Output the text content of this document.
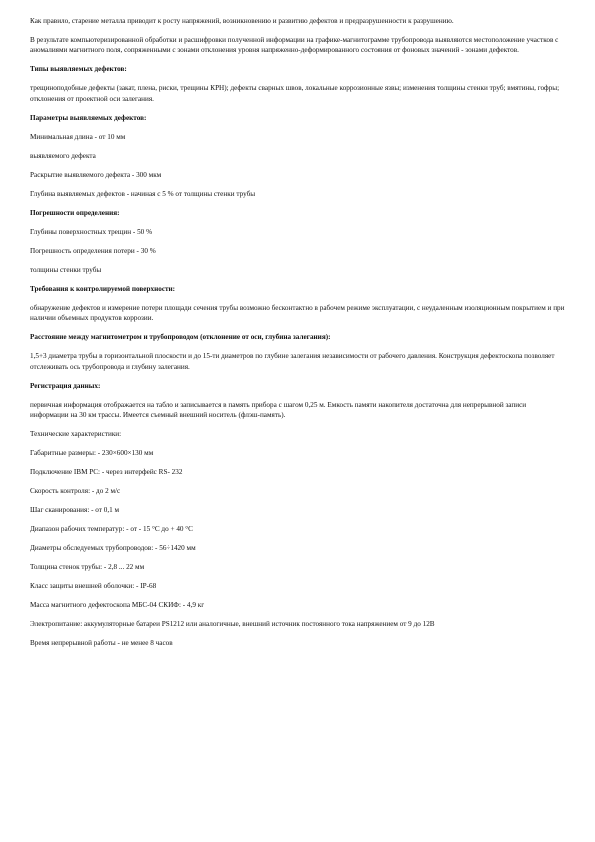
Как правило, старение металла приводит к росту напряжений, возникновению и развитию дефектов и предразрушенности к разрушению.

В результате компьютеризированной обработки и расшифровки полученной информации на графике-магнитограмме трубопровода выявляются местоположение участков с аномалиями магнитного поля, сопряженными с зонами отклонения уровня напряженно-деформированного состояния от фоновых значений - зонами дефектов.

Типы выявляемых дефектов:

трещиноподобные дефекты (закат, плена, риски, трещины КРН); дефекты сварных швов, локальные коррозионные язвы; изменения толщины стенки труб; вмятины, гофры; отклонения от проектной оси залегания.

Параметры выявляемых дефектов:

Минимальная длина - от 10 мм

выявляемого дефекта

Раскрытие выявляемого дефекта - 300 мкм

Глубина выявляемых дефектов - начиная с 5 % от толщины стенки трубы

Погрешности определения:

Глубины поверхностных трещин - 50 %

Погрешность определения потери - 30 %

толщины стенки трубы

Требования к контролируемой поверхности:

обнаружение дефектов и измерение потери площади сечения трубы возможно бесконтактно в рабочем режиме эксплуатации, с неудаленным изоляционным покрытием и при наличии объемных продуктов коррозии.

Расстояние между магнитометром и трубопроводом (отклонение от оси, глубина залегания):

1,5+3 диаметра трубы в горизонтальной плоскости и до 15-ти диаметров по глубине залегания независимости от рабочего давления. Конструкция дефектоскопа позволяет отслеживать ось трубопровода и глубину залегания.

Регистрация данных:

первичная информация отображается на табло и записывается в память прибора с шагом 0,25 м. Емкость памяти накопителя достаточна для непрерывной записи информации на 30 км трассы. Имеется съемный внешний носитель (флэш-память).

Технические характеристики:

Габаритные размеры: - 230×600×130 мм

Подключение IBM PC: - через интерфейс RS- 232

Скорость контроля: - до 2 м/с

Шаг сканирования: - от 0,1 м

Диапазон рабочих температур: - от - 15 °С до + 40 °С

Диаметры обследуемых трубопроводов: - 56÷1420 мм

Толщина стенок трубы: - 2,8 ... 22 мм

Класс защиты внешней оболочки: - IP-68

Масса магнитного дефектоскопа МБС-04 СКИФ: - 4,9 кг

Электропитание: аккумуляторные батареи PS1212 или аналогичные, внешний источник постоянного тока напряжением от 9 до 12В

Время непрерывной работы - не менее 8 часов
